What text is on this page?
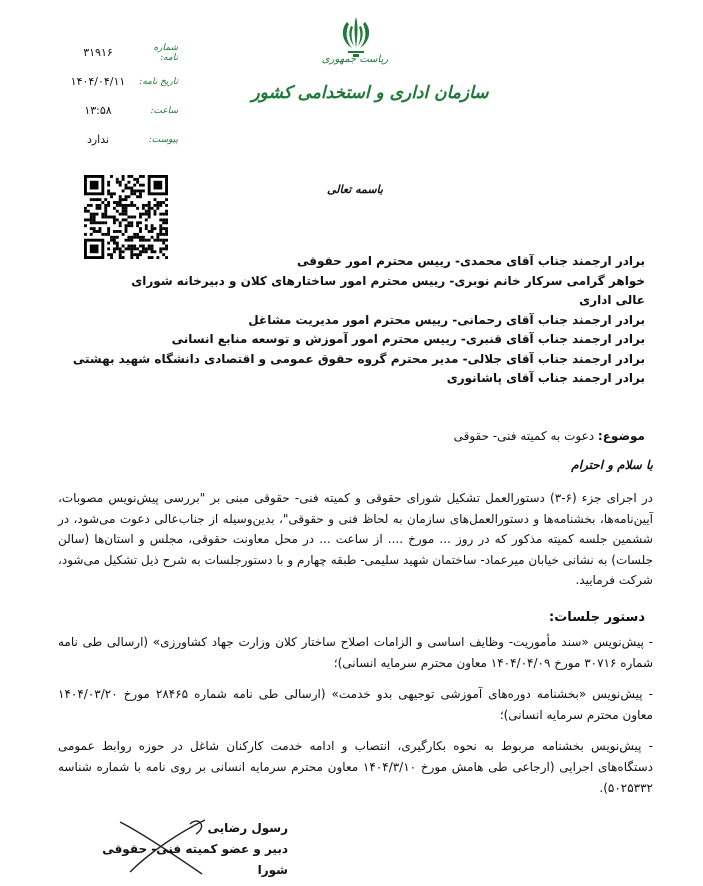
ریاست جمهوری
سازمان اداری و استخدامی کشور
شماره نامه:
۳۱۹۱۶
تاریخ نامه:
۱۴۰۴/۰۴/۱۱
ساعت:
۱۳:۵۸
پیوست:
ندارد
باسمه تعالی
برادر ارجمند جناب آقای محمدی- رییس محترم امور حقوقی
خواهر گرامی سرکار خانم نوبری- رییس محترم امور ساختارهای کلان و دبیرخانه شورای
عالی اداری
برادر ارجمند جناب آقای رحمانی- رییس محترم امور مدیریت مشاغل
برادر ارجمند جناب آقای قنبری- رییس محترم امور آموزش و توسعه منابع انسانی
برادر ارجمند جناب آقای جلالی- مدیر محترم گروه حقوق عمومی و اقتصادی دانشگاه شهید بهشتی
برادر ارجمند جناب آقای پاشانوری
موضوع: دعوت به کمیته فنی- حقوقی
با سلام و احترام
در اجرای جزء (۶-۳) دستورالعمل تشکیل شورای حقوقی و کمیته فنی- حقوقی مبنی بر "بررسی پیش‌نویس مصوبات، آیین‌نامه‌ها، بخشنامه‌ها و دستورالعمل‌های سازمان به لحاظ فنی و حقوقی"، بدین‌وسیله از جناب‌عالی دعوت می‌شود، در ششمین جلسه کمیته مذکور که در روز ... مورخ .... از ساعت ... در محل معاونت حقوقی، مجلس و استان‌ها (سالن جلسات) به نشانی خیابان میرعماد- ساختمان شهید سلیمی- طبقه چهارم و با دستورجلسات به شرح ذیل تشکیل می‌شود، شرکت فرمایید.
دستور جلسات:

- پیش‌نویس «سند مأموریت- وظایف اساسی و الزامات اصلاح ساختار کلان وزارت جهاد کشاورزی» (ارسالی طی نامه شماره ۳۰۷۱۶ مورخ ۱۴۰۴/۰۴/۰۹ معاون محترم سرمایه انسانی)؛

- پیش‌نویس «بخشنامه دوره‌های آموزشی توجیهی بدو خدمت» (ارسالی طی نامه شماره ۲۸۴۶۵ مورخ ۱۴۰۴/۰۳/۲۰ معاون محترم سرمایه انسانی)؛

- پیش‌نویس بخشنامه مربوط به نحوه بکارگیری، انتصاب و ادامه خدمت کارکنان شاغل در حوزه روابط عمومی دستگاه‌های اجرایی (ارجاعی طی هامش مورخ ۱۴۰۴/۳/۱۰ معاون محترم سرمایه انسانی بر روی نامه با شماره شناسه ۵۰۲۵۳۳۲).

رسول رضایی
دبیر و عضو کمیته فنی- حقوقی شورا
